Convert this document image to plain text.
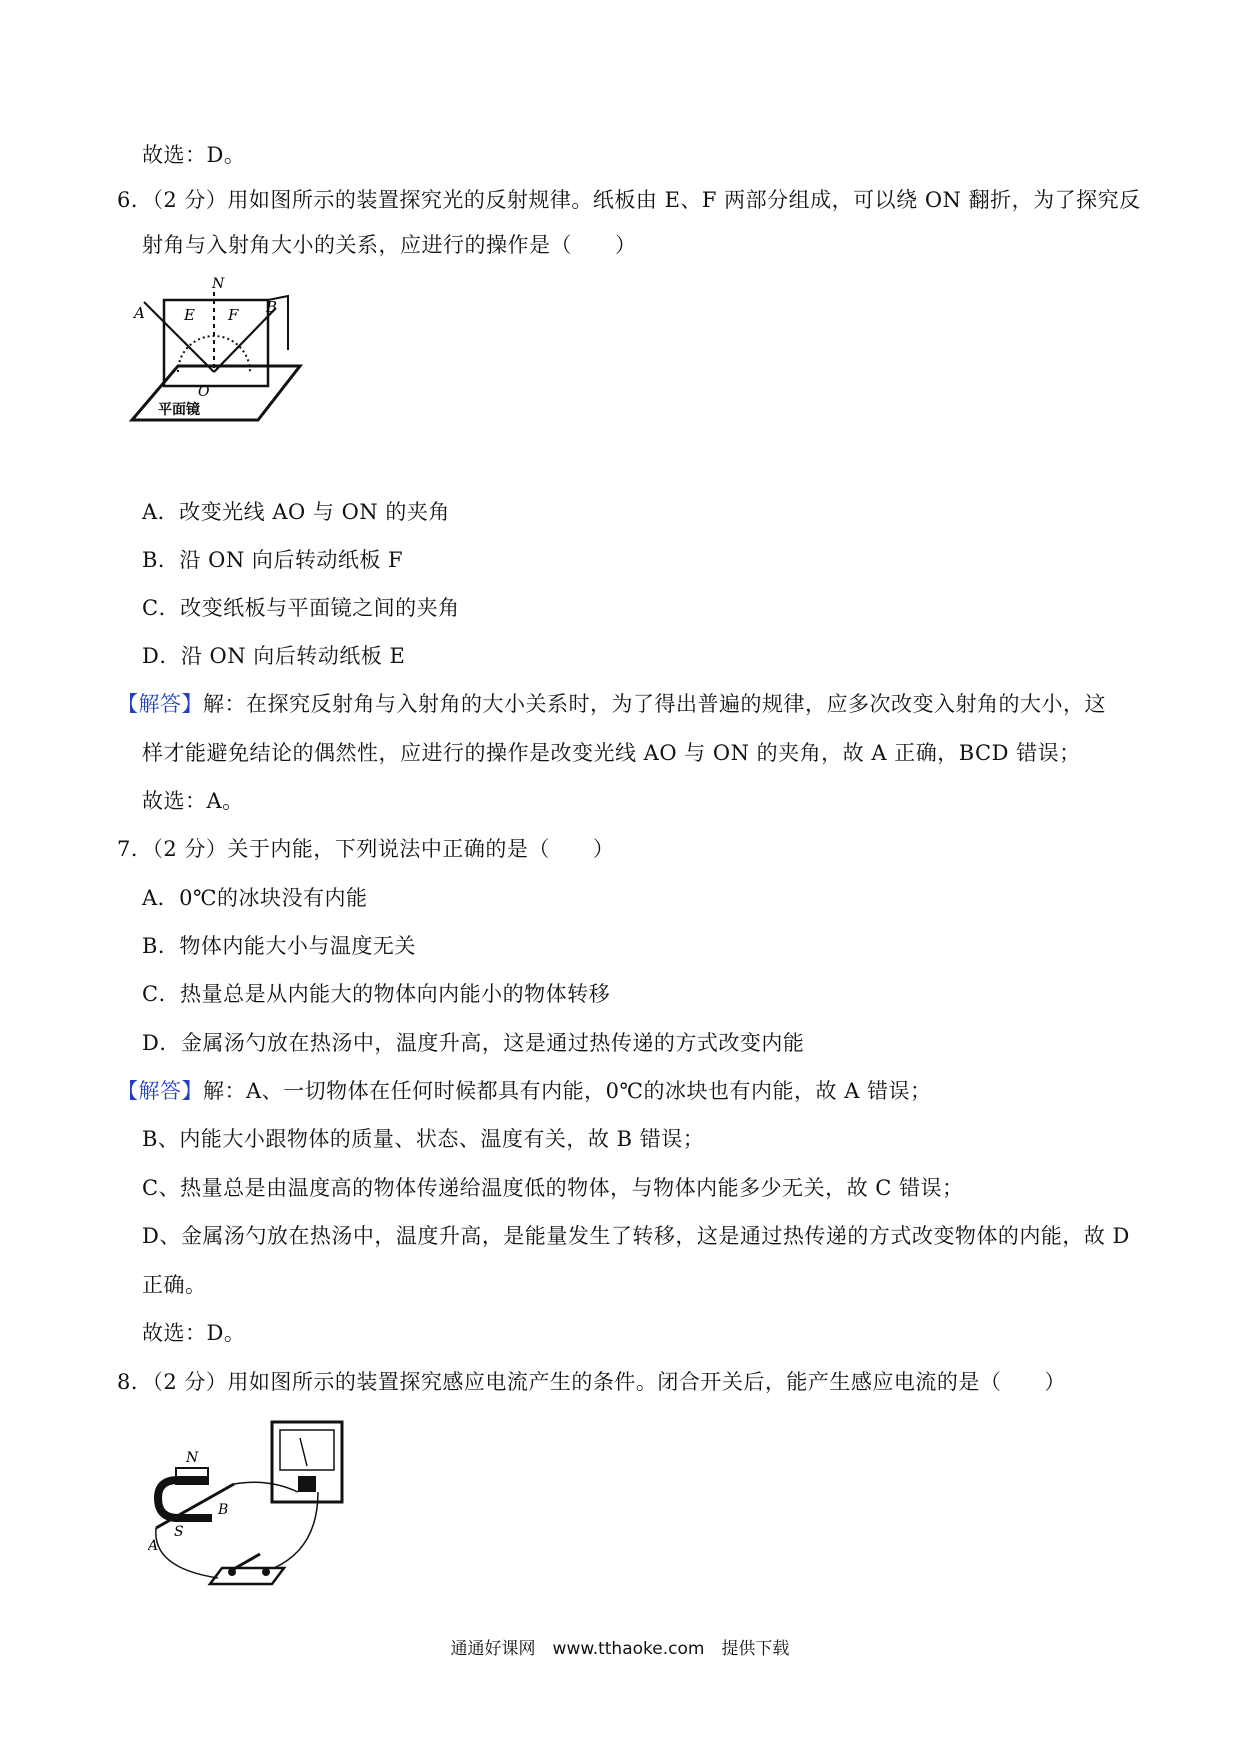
故选：D。
6．（2 分）用如图所示的装置探究光的反射规律。纸板由 E、F 两部分组成，可以绕 ON 翻折，为了探究反
射角与入射角大小的关系，应进行的操作是（　　）
N
A	E F B
O
平面镜
A．改变光线 AO 与 ON 的夹角
B．沿 ON 向后转动纸板 F
C．改变纸板与平面镜之间的夹角
D．沿 ON 向后转动纸板 E
【解答】解：在探究反射角与入射角的大小关系时，为了得出普遍的规律，应多次改变入射角的大小，这
样才能避免结论的偶然性，应进行的操作是改变光线 AO 与 ON 的夹角，故 A 正确，BCD 错误；
故选：A。
7．（2 分）关于内能，下列说法中正确的是（　　）
A．0℃的冰块没有内能
B．物体内能大小与温度无关
C．热量总是从内能大的物体向内能小的物体转移
D．金属汤勺放在热汤中，温度升高，这是通过热传递的方式改变内能
【解答】解：A、一切物体在任何时候都具有内能，0℃的冰块也有内能，故 A 错误；
B、内能大小跟物体的质量、状态、温度有关，故 B 错误；
C、热量总是由温度高的物体传递给温度低的物体，与物体内能多少无关，故 C 错误；
D、金属汤勺放在热汤中，温度升高，是能量发生了转移，这是通过热传递的方式改变物体的内能，故 D
正确。
故选：D。
8．（2 分）用如图所示的装置探究感应电流产生的条件。闭合开关后，能产生感应电流的是（　　）
N
S
A
B
通通好课网　www.tthaoke.com　提供下载
